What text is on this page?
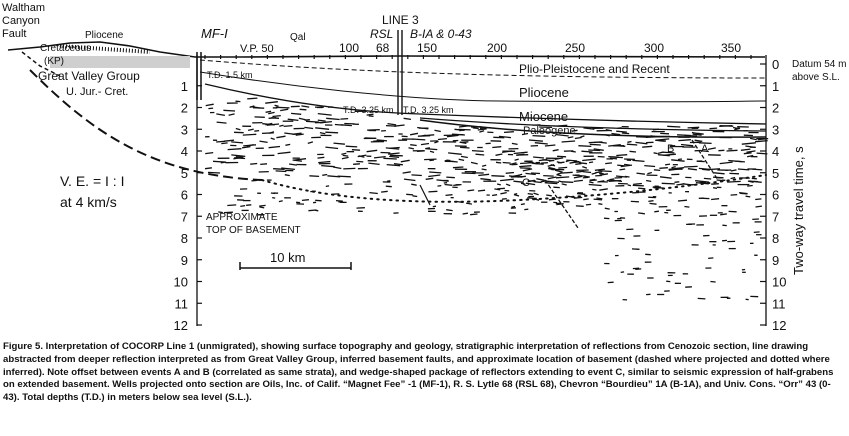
Waltham
Canyon
Fault	Pliocene
Cretaceous
(KP)
Great Valley Group
U. Jur.- Cret.
MF-I
V.P. 50
Qal
LINE 3
RSL
68
B-IA & 0-43
100	150	200	250	300	350
Datum 54 m
above S.L.
1
2
3
4
5
6
7
8
9
10
11
12
0
1
2
3
4
5
6
7
8
9
10
11
12
T.D. 1.5 km
T.D. 3.25 km T.D. 3.25 km
Plio-Pleistocene and Recent
Pliocene
Miocene
Paleogene
A
B
C
V. E. = I : I
at 4 km/s
APPROXIMATE
TOP OF BASEMENT
10 km	Two-way travel time, s

Figure 5. Interpretation of COCORP Line 1 (unmigrated), showing surface topography and geology, stratigraphic interpretation of reflections from Cenozoic section, line drawing abstracted from deeper reflection interpreted as from Great Valley Group, inferred basement faults, and approximate location of basement (dashed where projected and dotted where inferred). Note offset between events A and B (correlated as same strata), and wedge-shaped package of reflectors extending to event C, similar to seismic expression of half-grabens on extended basement. Wells projected onto section are Oils, Inc. of Calif. “Magnet Fee” -1 (MF-1), R. S. Lytle 68 (RSL 68), Chevron “Bourdieu” 1A (B-1A), and Univ. Cons. “Orr” 43 (0-43). Total depths (T.D.) in meters below sea level (S.L.).
